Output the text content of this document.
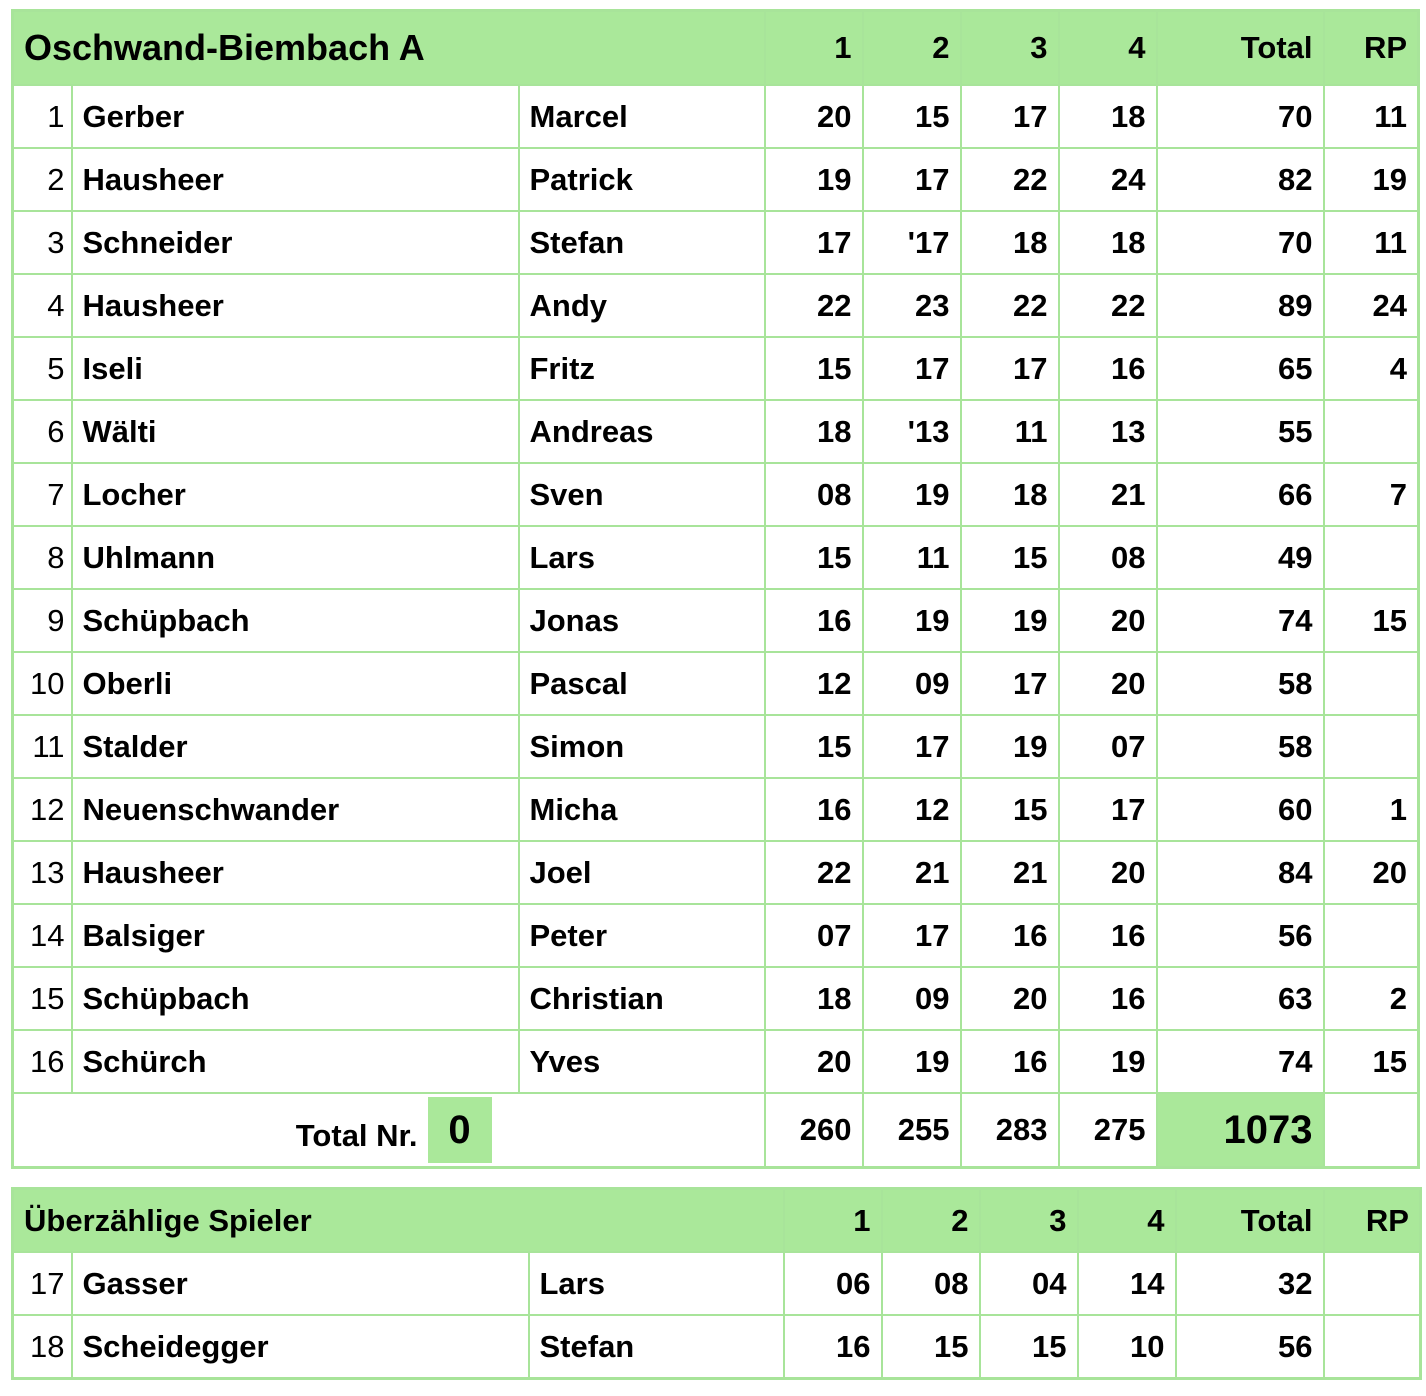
Oschwand-Biembach A			1	2	3	4	Total	RP
1	Gerber	Marcel	20	15	17	18	70	11
2	Hausheer	Patrick	19	17	22	24	82	19
3	Schneider	Stefan	17	'17	18	18	70	11
4	Hausheer	Andy	22	23	22	22	89	24
5	Iseli	Fritz	15	17	17	16	65	4
6	Wälti	Andreas	18	'13	11	13	55	
7	Locher	Sven	08	19	18	21	66	7
8	Uhlmann	Lars	15	11	15	08	49	
9	Schüpbach	Jonas	16	19	19	20	74	15
10	Oberli	Pascal	12	09	17	20	58	
11	Stalder	Simon	15	17	19	07	58	
12	Neuenschwander	Micha	16	12	15	17	60	1
13	Hausheer	Joel	22	21	21	20	84	20
14	Balsiger	Peter	07	17	16	16	56	
15	Schüpbach	Christian	18	09	20	16	63	2
16	Schürch	Yves	20	19	16	19	74	15
Total Nr. 0			260	255	283	275	1073	
Überzählige Spieler			1	2	3	4	Total	RP
17	Gasser	Lars	06	08	04	14	32	
18	Scheidegger	Stefan	16	15	15	10	56	
